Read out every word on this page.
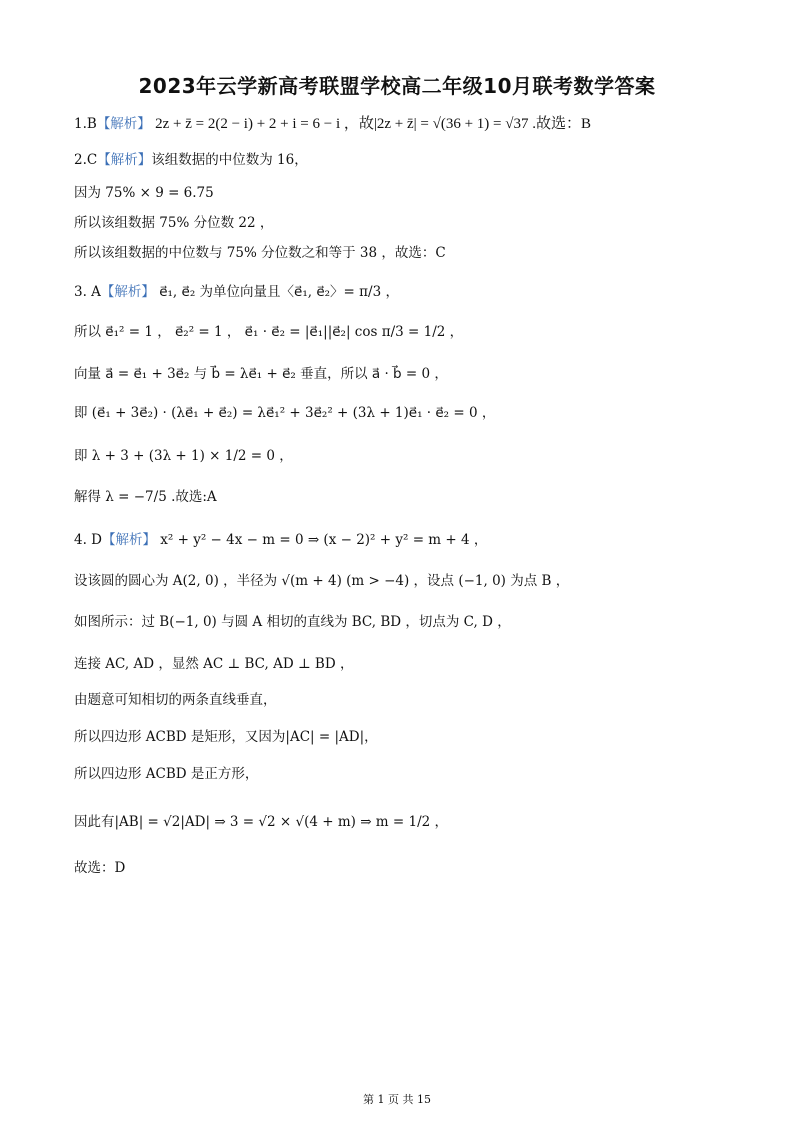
2023年云学新高考联盟学校高二年级10月联考数学答案
1.B【解析】 2z + z̄ = 2(2 − i) + 2 + i = 6 − i ，故|2z + z̄| = √(36 + 1) = √37 .故选：B
2.C【解析】该组数据的中位数为 16，
因为 75% × 9 = 6.75
所以该组数据 75% 分位数 22 ，
所以该组数据的中位数与 75% 分位数之和等于 38 ，故选：C
3. A【解析】 e⃗₁, e⃗₂ 为单位向量且〈e⃗₁, e⃗₂〉= π/3 ，
所以 e⃗₁² = 1 ， e⃗₂² = 1 ， e⃗₁ · e⃗₂ = |e⃗₁||e⃗₂| cos π/3 = 1/2 ，
向量 a⃗ = e⃗₁ + 3e⃗₂ 与 b⃗ = λe⃗₁ + e⃗₂ 垂直，所以 a⃗ · b⃗ = 0 ，
即 (e⃗₁ + 3e⃗₂) · (λe⃗₁ + e⃗₂) = λe⃗₁² + 3e⃗₂² + (3λ + 1)e⃗₁ · e⃗₂ = 0 ，
即 λ + 3 + (3λ + 1) × 1/2 = 0 ，
解得 λ = −7/5 .故选:A
4. D【解析】 x² + y² − 4x − m = 0 ⇒ (x − 2)² + y² = m + 4 ，
设该圆的圆心为 A(2, 0) ，半径为 √(m + 4) (m > −4) ，设点 (−1, 0) 为点 B ，
如图所示：过 B(−1, 0) 与圆 A 相切的直线为 BC, BD ，切点为 C, D ，
连接 AC, AD ，显然 AC ⊥ BC, AD ⊥ BD ，
由题意可知相切的两条直线垂直，
所以四边形 ACBD 是矩形，又因为|AC| = |AD|，
所以四边形 ACBD 是正方形，
因此有|AB| = √2|AD| ⇒ 3 = √2 × √(4 + m) ⇒ m = 1/2 ，
故选：D
第 1 页 共 15
